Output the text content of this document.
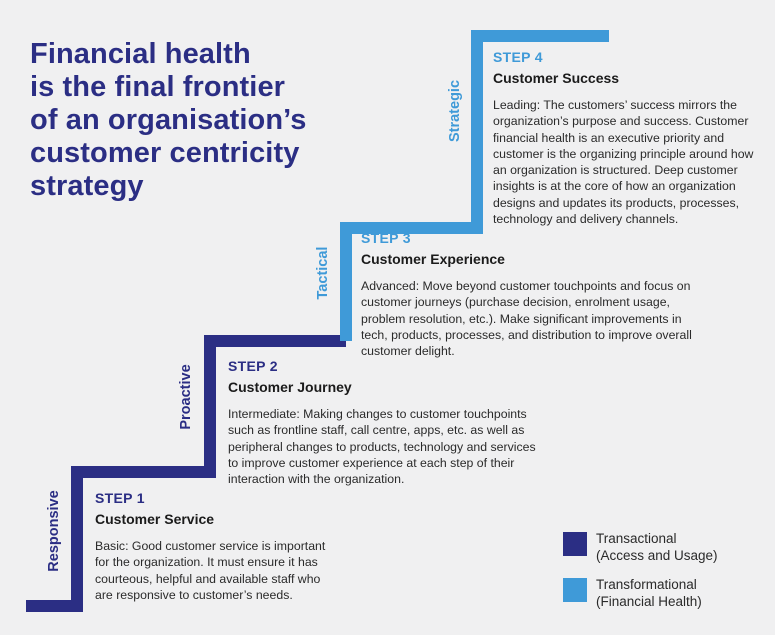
Financial health
is the final frontier
of an organisation’s
customer centricity
strategy
Responsive
Proactive
Tactical
Strategic

STEP 1

Customer Service

Basic: Good customer service is important for the organization. It must ensure it has courteous, helpful and available staff who are responsive to customer’s needs.

STEP 2

Customer Journey

Intermediate: Making changes to customer touchpoints such as frontline staff, call centre, apps, etc. as well as peripheral changes to products, technology and services to improve customer experience at each step of their interaction with the organization.

STEP 3

Customer Experience

Advanced: Move beyond customer touchpoints and focus on customer journeys (purchase decision, enrolment usage, problem resolution, etc.). Make significant improvements in tech, products, processes, and distribution to improve overall customer delight.

STEP 4

Customer Success

Leading: The customers’ success mirrors the organization’s purpose and success. Customer financial health is an executive priority and customer is the organizing principle around how an organization is structured. Deep customer insights is at the core of how an organization designs and updates its products, processes, technology and delivery channels.

Transactional
(Access and Usage)
Transformational
(Financial Health)
